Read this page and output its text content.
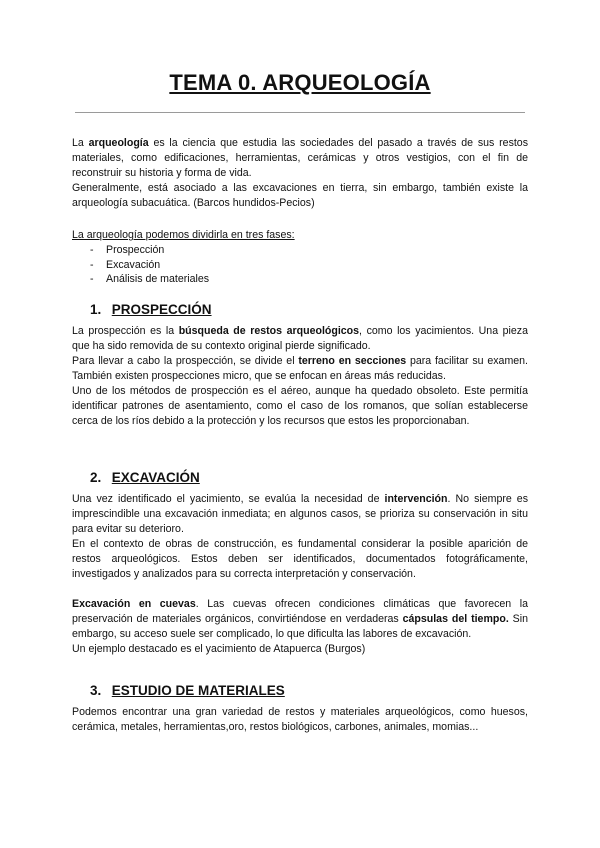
TEMA 0. ARQUEOLOGÍA

La arqueología es la ciencia que estudia las sociedades del pasado a través de sus restos materiales, como edificaciones, herramientas, cerámicas y otros vestigios, con el fin de reconstruir su historia y forma de vida.

Generalmente, está asociado a las excavaciones en tierra, sin embargo, también existe la arqueología subacuática. (Barcos hundidos-Pecios)

La arqueología podemos dividirla en tres fases:

- Prospección
- Excavación
- Análisis de materiales
1. PROSPECCIÓN

La prospección es la búsqueda de restos arqueológicos, como los yacimientos. Una pieza que ha sido removida de su contexto original pierde significado.

Para llevar a cabo la prospección, se divide el terreno en secciones para facilitar su examen. También existen prospecciones micro, que se enfocan en áreas más reducidas.

Uno de los métodos de prospección es el aéreo, aunque ha quedado obsoleto. Este permitía identificar patrones de asentamiento, como el caso de los romanos, que solían establecerse cerca de los ríos debido a la protección y los recursos que estos les proporcionaban.

2. EXCAVACIÓN

Una vez identificado el yacimiento, se evalúa la necesidad de intervención. No siempre es imprescindible una excavación inmediata; en algunos casos, se prioriza su conservación in situ para evitar su deterioro.

En el contexto de obras de construcción, es fundamental considerar la posible aparición de restos arqueológicos. Estos deben ser identificados, documentados fotográficamente, investigados y analizados para su correcta interpretación y conservación.

Excavación en cuevas. Las cuevas ofrecen condiciones climáticas que favorecen la preservación de materiales orgánicos, convirtiéndose en verdaderas cápsulas del tiempo. Sin embargo, su acceso suele ser complicado, lo que dificulta las labores de excavación.

Un ejemplo destacado es el yacimiento de Atapuerca (Burgos)

3. ESTUDIO DE MATERIALES

Podemos encontrar una gran variedad de restos y materiales arqueológicos, como huesos, cerámica, metales, herramientas,oro, restos biológicos, carbones, animales, momias...
